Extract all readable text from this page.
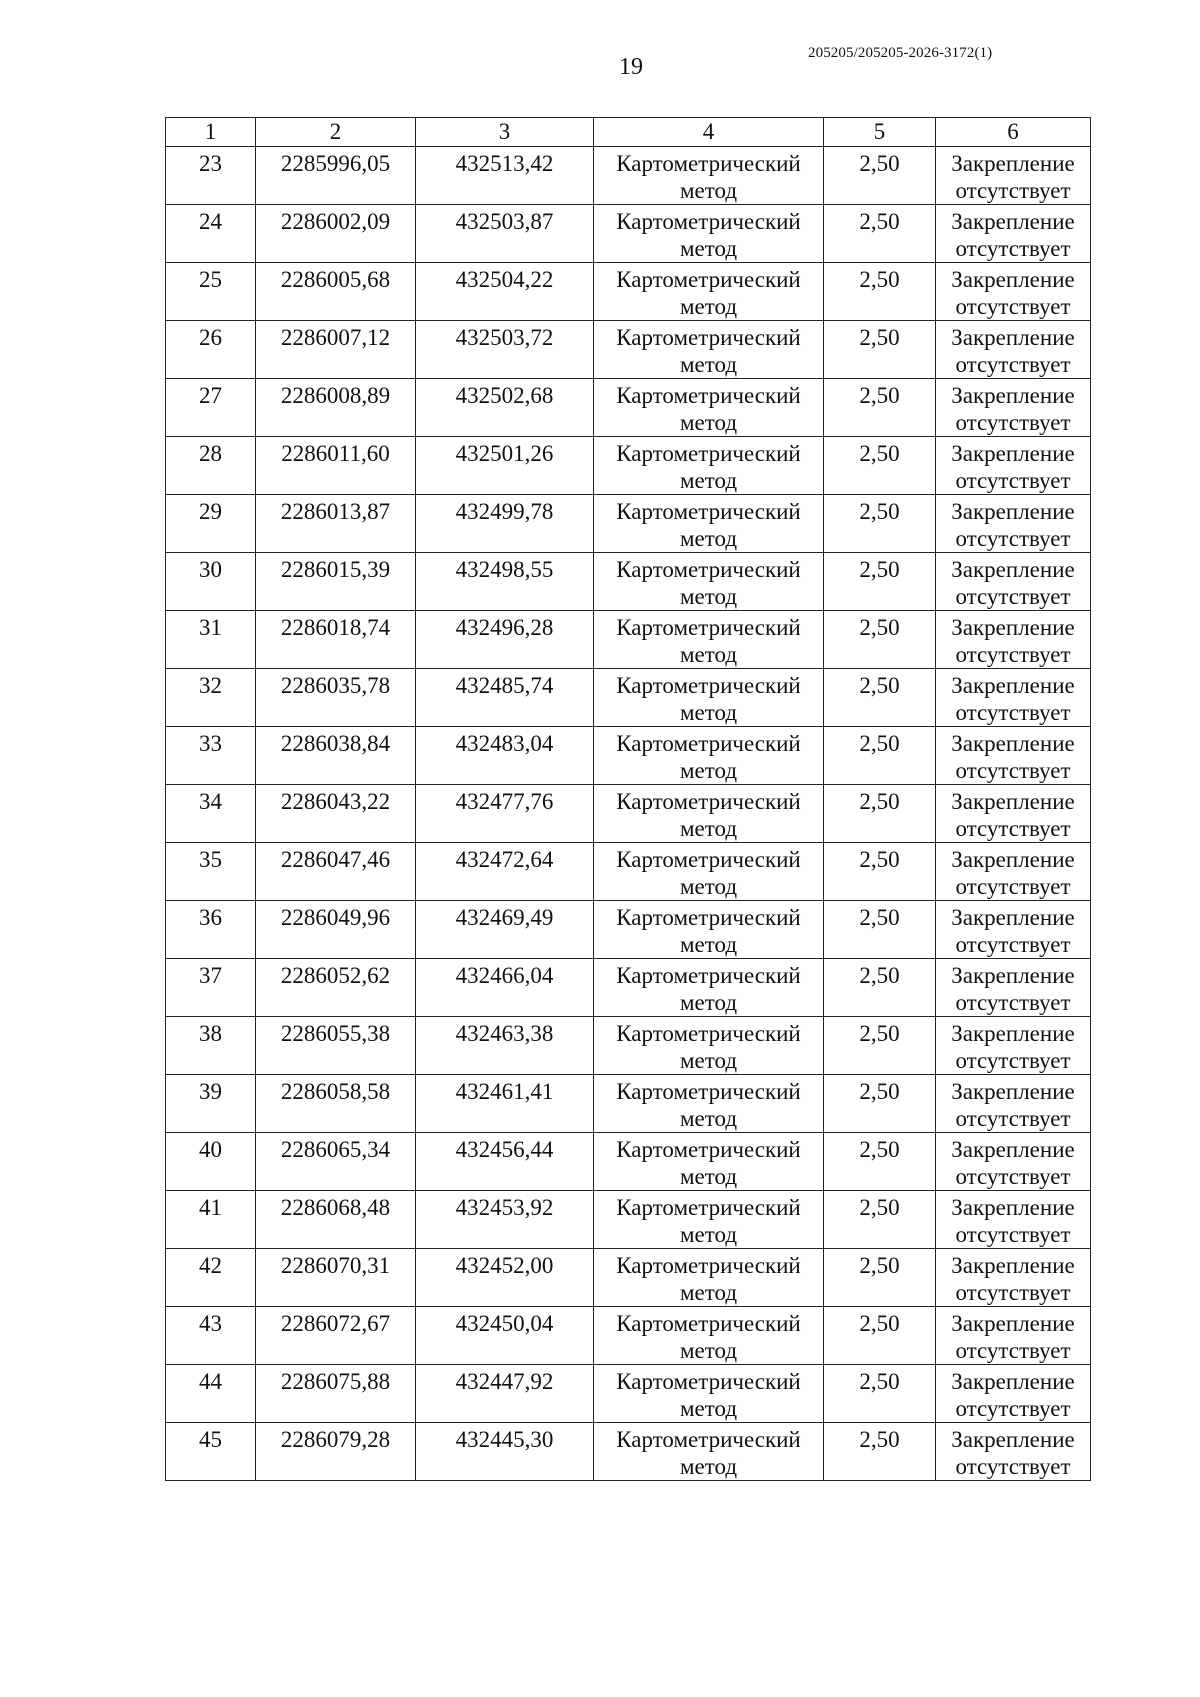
19
205205/205205-2026-3172(1)
1	2	3	4	5	6
23	2285996,05	432513,42	Картометрический метод	2,50	Закрепление отсутствует
24	2286002,09	432503,87	Картометрический метод	2,50	Закрепление отсутствует
25	2286005,68	432504,22	Картометрический метод	2,50	Закрепление отсутствует
26	2286007,12	432503,72	Картометрический метод	2,50	Закрепление отсутствует
27	2286008,89	432502,68	Картометрический метод	2,50	Закрепление отсутствует
28	2286011,60	432501,26	Картометрический метод	2,50	Закрепление отсутствует
29	2286013,87	432499,78	Картометрический метод	2,50	Закрепление отсутствует
30	2286015,39	432498,55	Картометрический метод	2,50	Закрепление отсутствует
31	2286018,74	432496,28	Картометрический метод	2,50	Закрепление отсутствует
32	2286035,78	432485,74	Картометрический метод	2,50	Закрепление отсутствует
33	2286038,84	432483,04	Картометрический метод	2,50	Закрепление отсутствует
34	2286043,22	432477,76	Картометрический метод	2,50	Закрепление отсутствует
35	2286047,46	432472,64	Картометрический метод	2,50	Закрепление отсутствует
36	2286049,96	432469,49	Картометрический метод	2,50	Закрепление отсутствует
37	2286052,62	432466,04	Картометрический метод	2,50	Закрепление отсутствует
38	2286055,38	432463,38	Картометрический метод	2,50	Закрепление отсутствует
39	2286058,58	432461,41	Картометрический метод	2,50	Закрепление отсутствует
40	2286065,34	432456,44	Картометрический метод	2,50	Закрепление отсутствует
41	2286068,48	432453,92	Картометрический метод	2,50	Закрепление отсутствует
42	2286070,31	432452,00	Картометрический метод	2,50	Закрепление отсутствует
43	2286072,67	432450,04	Картометрический метод	2,50	Закрепление отсутствует
44	2286075,88	432447,92	Картометрический метод	2,50	Закрепление отсутствует
45	2286079,28	432445,30	Картометрический метод	2,50	Закрепление отсутствует
